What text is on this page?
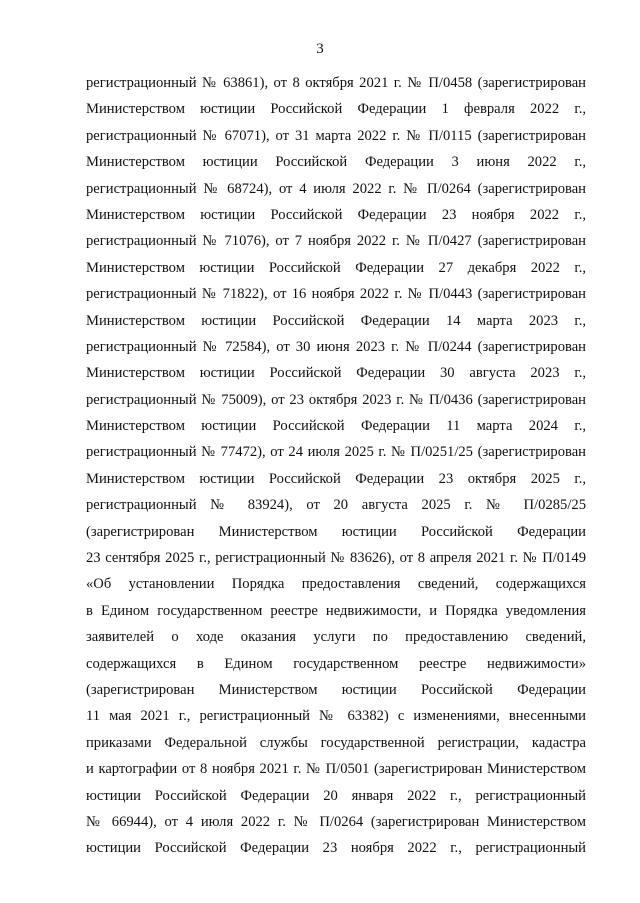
3
регистрационный № 63861), от 8 октября 2021 г. № П/0458 (зарегистрирован
Министерством юстиции Российской Федерации 1 февраля 2022 г.,
регистрационный № 67071), от 31 марта 2022 г. № П/0115 (зарегистрирован
Министерством юстиции Российской Федерации 3 июня 2022 г.,
регистрационный № 68724), от 4 июля 2022 г. № П/0264 (зарегистрирован
Министерством юстиции Российской Федерации 23 ноября 2022 г.,
регистрационный № 71076), от 7 ноября 2022 г. № П/0427 (зарегистрирован
Министерством юстиции Российской Федерации 27 декабря 2022 г.,
регистрационный № 71822), от 16 ноября 2022 г. № П/0443 (зарегистрирован
Министерством юстиции Российской Федерации 14 марта 2023 г.,
регистрационный № 72584), от 30 июня 2023 г. № П/0244 (зарегистрирован
Министерством юстиции Российской Федерации 30 августа 2023 г.,
регистрационный № 75009), от 23 октября 2023 г. № П/0436 (зарегистрирован
Министерством юстиции Российской Федерации 11 марта 2024 г.,
регистрационный № 77472), от 24 июля 2025 г. № П/0251/25 (зарегистрирован
Министерством юстиции Российской Федерации 23 октября 2025 г.,
регистрационный № 83924), от 20 августа 2025 г. № П/0285/25
(зарегистрирован Министерством юстиции Российской Федерации
23 сентября 2025 г., регистрационный № 83626), от 8 апреля 2021 г. № П/0149
«Об установлении Порядка предоставления сведений, содержащихся
в Едином государственном реестре недвижимости, и Порядка уведомления
заявителей о ходе оказания услуги по предоставлению сведений,
содержащихся в Едином государственном реестре недвижимости»
(зарегистрирован Министерством юстиции Российской Федерации
11 мая 2021 г., регистрационный № 63382) с изменениями, внесенными
приказами Федеральной службы государственной регистрации, кадастра
и картографии от 8 ноября 2021 г. № П/0501 (зарегистрирован Министерством
юстиции Российской Федерации 20 января 2022 г., регистрационный
№ 66944), от 4 июля 2022 г. № П/0264 (зарегистрирован Министерством
юстиции Российской Федерации 23 ноября 2022 г., регистрационный
